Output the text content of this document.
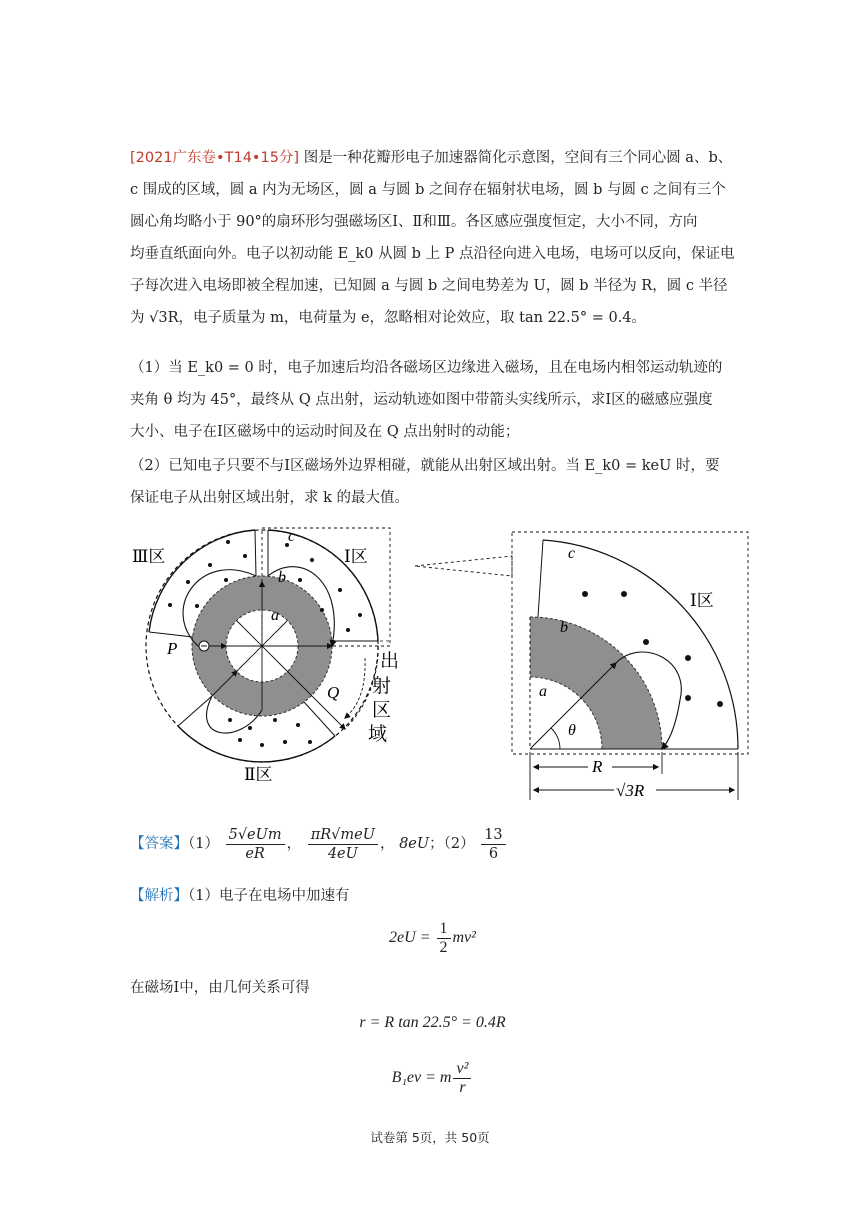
[2021广东卷•T14•15分] 图是一种花瓣形电子加速器简化示意图，空间有三个同心圆 a、b、
c 围成的区域，圆 a 内为无场区，圆 a 与圆 b 之间存在辐射状电场，圆 b 与圆 c 之间有三个
圆心角均略小于 90°的扇环形匀强磁场区Ⅰ、Ⅱ和Ⅲ。各区感应强度恒定，大小不同，方向
均垂直纸面向外。电子以初动能 E_k0 从圆 b 上 P 点沿径向进入电场，电场可以反向，保证电
子每次进入电场即被全程加速，已知圆 a 与圆 b 之间电势差为 U，圆 b 半径为 R，圆 c 半径
为 √3R，电子质量为 m，电荷量为 e，忽略相对论效应，取 tan 22.5° = 0.4。
（1）当 E_k0 = 0 时，电子加速后均沿各磁场区边缘进入磁场，且在电场内相邻运动轨迹的
夹角 θ 均为 45°，最终从 Q 点出射，运动轨迹如图中带箭头实线所示，求Ⅰ区的磁感应强度
大小、电子在Ⅰ区磁场中的运动时间及在 Q 点出射时的动能；
（2）已知电子只要不与Ⅰ区磁场外边界相碰，就能从出射区域出射。当 E_k0 = keU 时，要
保证电子从出射区域出射，求 k 的最大值。
Ⅲ区	Ⅰ区
Ⅱ区
c
b
a
P
Q
出
射
区
域
c
b
a
θ
Ⅰ区
R
√3R
【答案】$(1) \frac{\text{5√eUm}}{eR}$ ， $\frac{\text{πR√meU}}{4eU}$ ， 8eU；$(2) \frac{13}{6}$
【解析】（1）电子在电场中加速有
$2eU = \frac{1}{2} mv^2$
在磁场Ⅰ中，由几何关系可得
r = R tan 22.5° = 0.4R
B₁ev = m $\frac{\text{v²}}{r}$
试卷第 5页，共 50页
